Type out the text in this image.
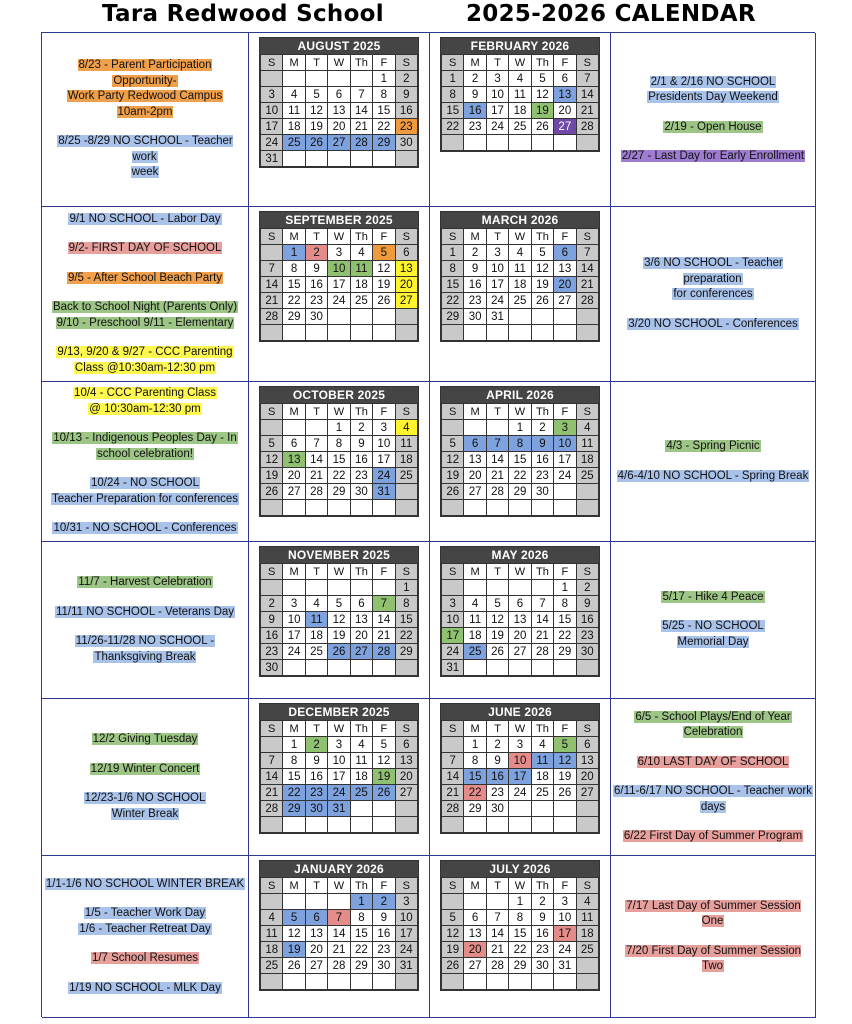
Tara Redwood School	2025-2026 CALENDAR
8/23 - Parent Participation
Opportunity-
Work Party Redwood Campus
10am-2pm
8/25 -8/29 NO SCHOOL - Teacher work
week
AUGUST 2025
S	M	T	W	Th	F	S
					1	2
3	4	5	6	7	8	9
10	11	12	13	14	15	16
17	18	19	20	21	22	23
24	25	26	27	28	29	30
31						
FEBRUARY 2026
S	M	T	W	Th	F	S
1	2	3	4	5	6	7
8	9	10	11	12	13	14
15	16	17	18	19	20	21
22	23	24	25	26	27	28

2/1 & 2/16 NO SCHOOL
Presidents Day Weekend
2/19 - Open House
2/27 - Last Day for Early Enrollment
9/1 NO SCHOOL - Labor Day
9/2- FIRST DAY OF SCHOOL
9/5 - After School Beach Party
Back to School Night (Parents Only)
9/10 - Preschool 9/11 - Elementary
9/13, 9/20 & 9/27 - CCC Parenting
Class @10:30am-12:30 pm
SEPTEMBER 2025
S	M	T	W	Th	F	S
	1	2	3	4	5	6
7	8	9	10	11	12	13
14	15	16	17	18	19	20
21	22	23	24	25	26	27
28	29	30				

MARCH 2026
S	M	T	W	Th	F	S
1	2	3	4	5	6	7
8	9	10	11	12	13	14
15	16	17	18	19	20	21
22	23	24	25	26	27	28
29	30	31				

3/6 NO SCHOOL - Teacher preparation
for conferences
3/20 NO SCHOOL - Conferences
10/4 - CCC Parenting Class
@ 10:30am-12:30 pm
10/13 - Indigenous Peoples Day - In
school celebration!
10/24 - NO SCHOOL
Teacher Preparation for conferences
10/31 - NO SCHOOL - Conferences
OCTOBER 2025
S	M	T	W	Th	F	S
			1	2	3	4
5	6	7	8	9	10	11
12	13	14	15	16	17	18
19	20	21	22	23	24	25
26	27	28	29	30	31	

APRIL 2026
S	M	T	W	Th	F	S
			1	2	3	4
5	6	7	8	9	10	11
12	13	14	15	16	17	18
19	20	21	22	23	24	25
26	27	28	29	30		

4/3 - Spring Picnic
4/6-4/10 NO SCHOOL - Spring Break
11/7 - Harvest Celebration
11/11 NO SCHOOL - Veterans Day
11/26-11/28 NO SCHOOL -
Thanksgiving Break
NOVEMBER 2025
S	M	T	W	Th	F	S
						1
2	3	4	5	6	7	8
9	10	11	12	13	14	15
16	17	18	19	20	21	22
23	24	25	26	27	28	29
30						
MAY 2026
S	M	T	W	Th	F	S
					1	2
3	4	5	6	7	8	9
10	11	12	13	14	15	16
17	18	19	20	21	22	23
24	25	26	27	28	29	30
31						
5/17 - Hike 4 Peace
5/25 - NO SCHOOL
Memorial Day
12/2 Giving Tuesday
12/19 Winter Concert
12/23-1/6 NO SCHOOL
Winter Break
DECEMBER 2025
S	M	T	W	Th	F	S
	1	2	3	4	5	6
7	8	9	10	11	12	13
14	15	16	17	18	19	20
21	22	23	24	25	26	27
28	29	30	31			

JUNE 2026
S	M	T	W	Th	F	S
	1	2	3	4	5	6
7	8	9	10	11	12	13
14	15	16	17	18	19	20
21	22	23	24	25	26	27
28	29	30				

6/5 - School Plays/End of Year
Celebration
6/10 LAST DAY OF SCHOOL
6/11-6/17 NO SCHOOL - Teacher work
days
6/22 First Day of Summer Program
1/1-1/6 NO SCHOOL WINTER BREAK
1/5 - Teacher Work Day
1/6 - Teacher Retreat Day
1/7 School Resumes
1/19 NO SCHOOL - MLK Day
JANUARY 2026
S	M	T	W	Th	F	S
				1	2	3
4	5	6	7	8	9	10
11	12	13	14	15	16	17
18	19	20	21	22	23	24
25	26	27	28	29	30	31

JULY 2026
S	M	T	W	Th	F	S
			1	2	3	4
5	6	7	8	9	10	11
12	13	14	15	16	17	18
19	20	21	22	23	24	25
26	27	28	29	30	31	

7/17 Last Day of Summer Session One
7/20 First Day of Summer Session Two
